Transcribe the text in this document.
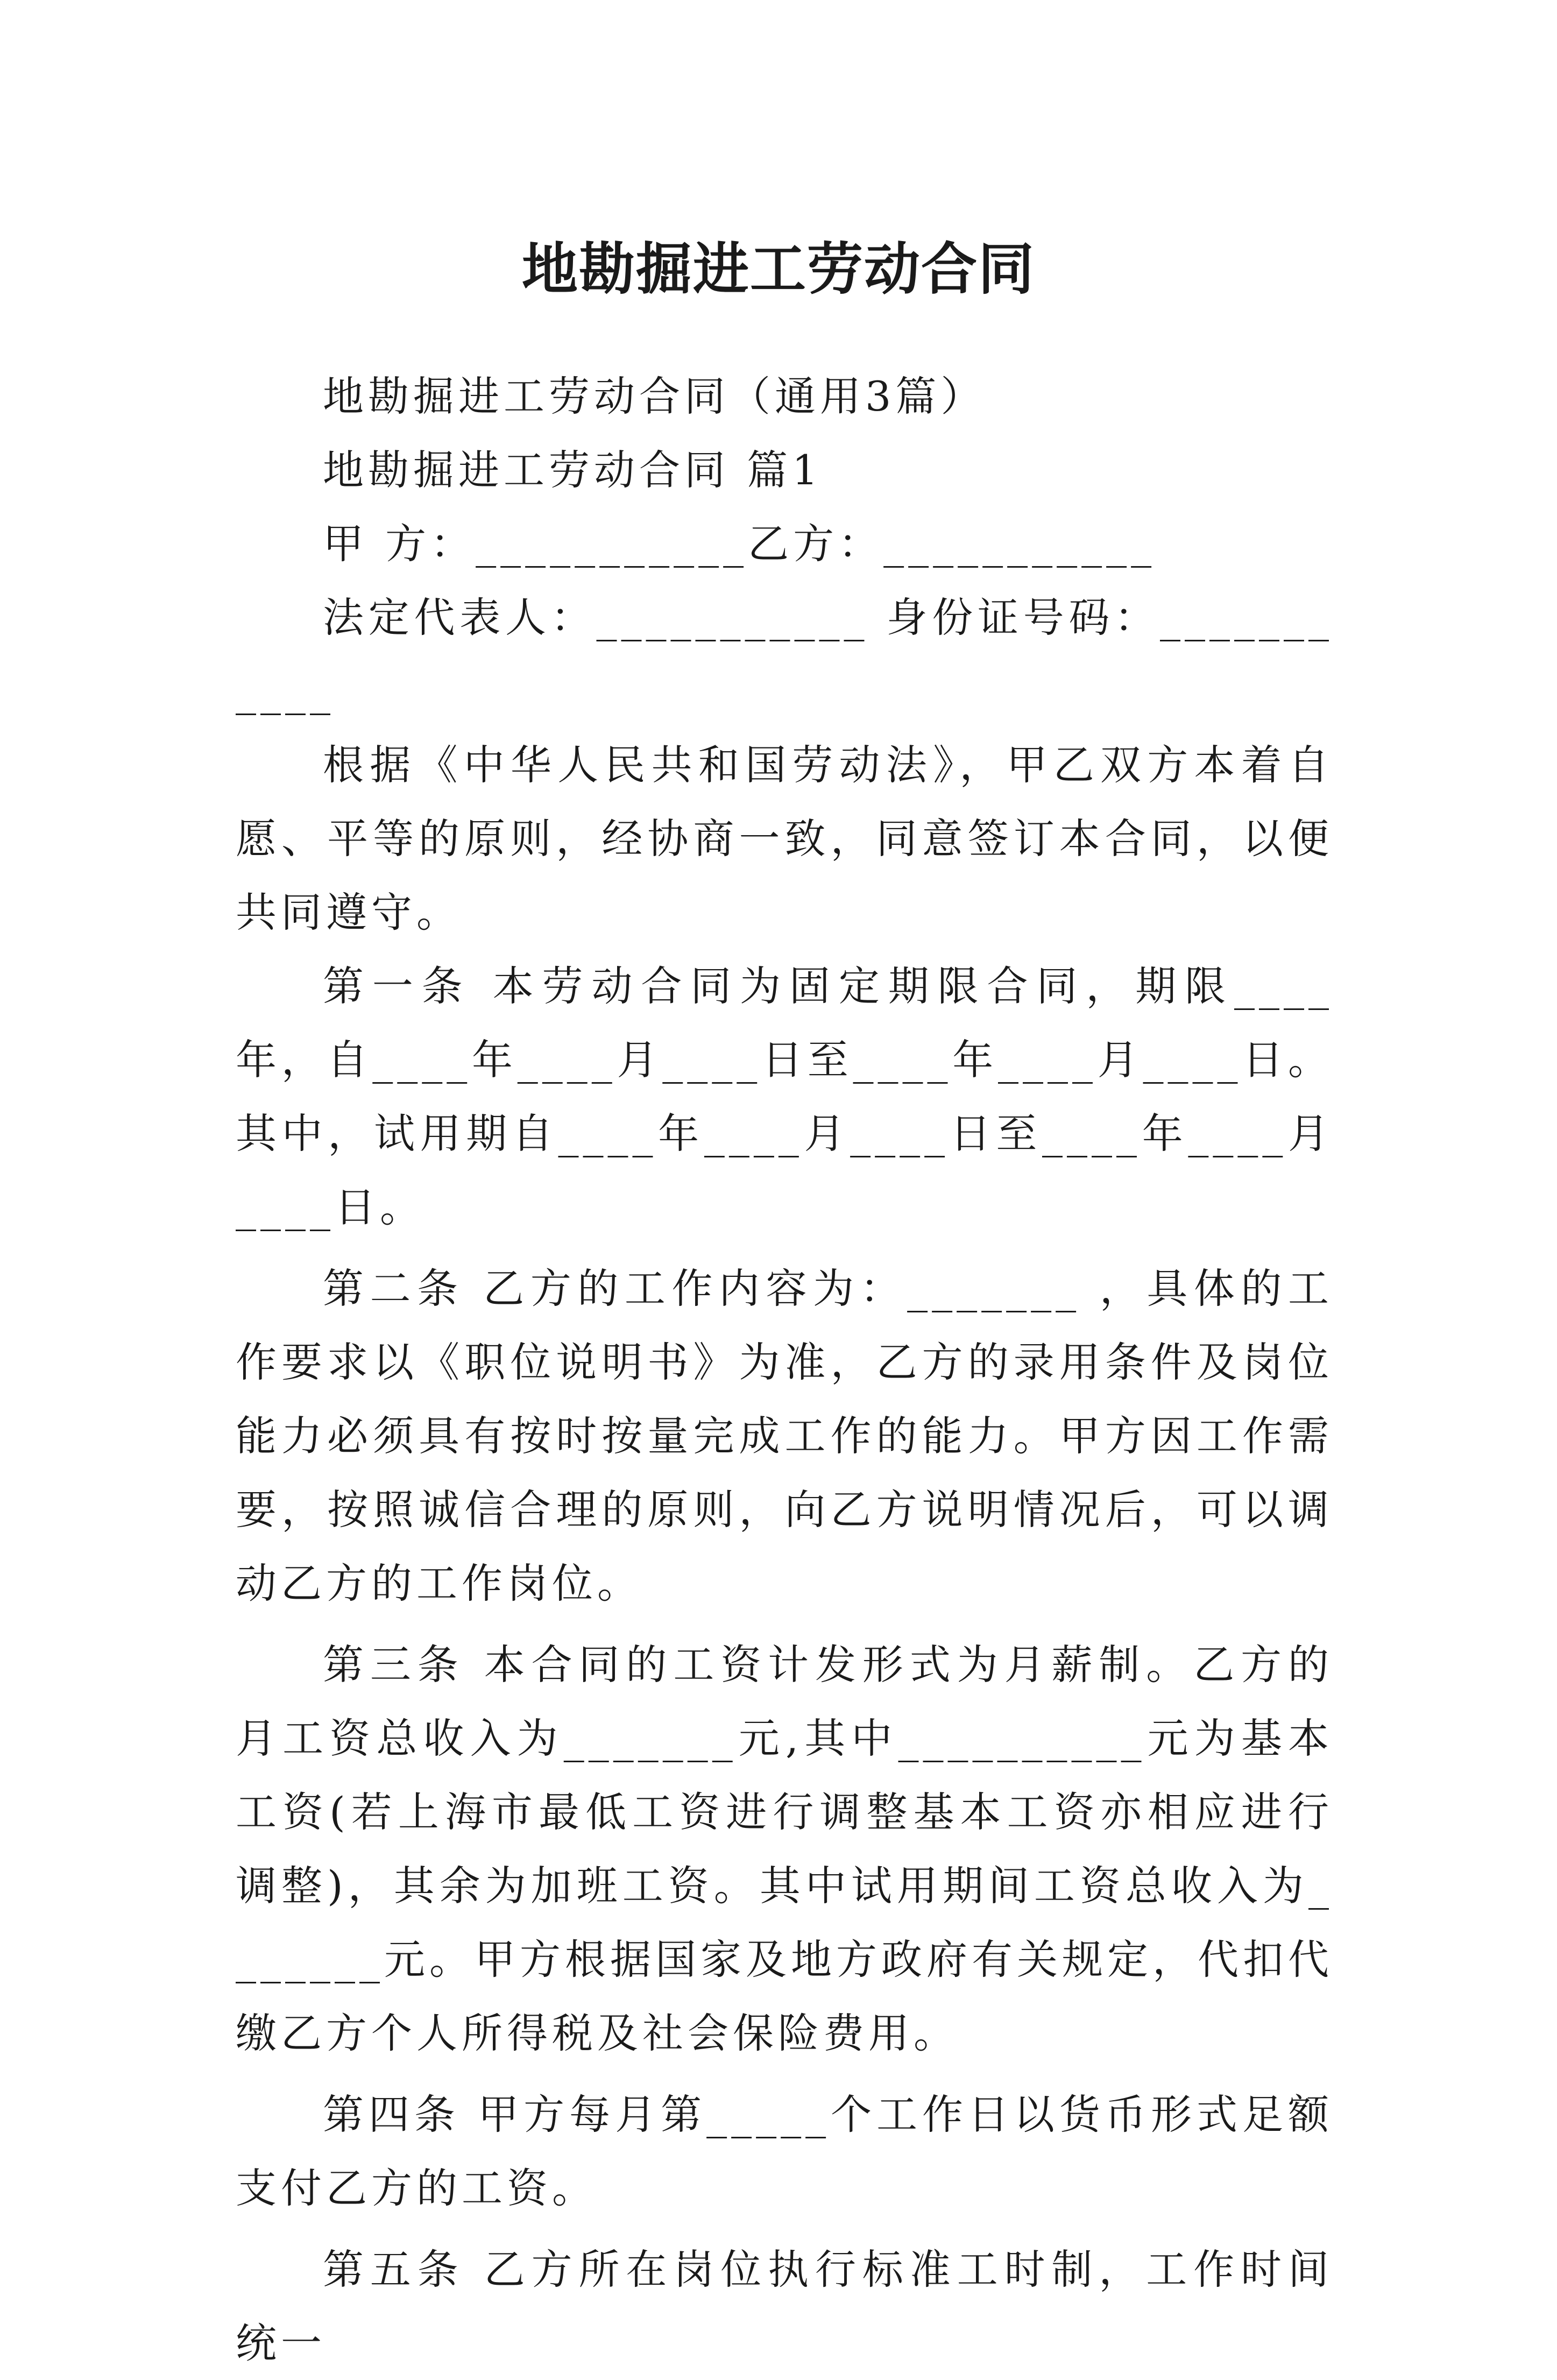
地勘掘进工劳动合同

地勘掘进工劳动合同（通用3篇）

地勘掘进工劳动合同 篇1

甲 方：___________乙方：___________

法定代表人：___________ 身份证号码：___________

根据《中华人民共和国劳动法》，甲乙双方本着自愿、平等的原则，经协商一致，同意签订本合同，以便共同遵守。

第一条 本劳动合同为固定期限合同，期限____ 年，自____年____月____日至____年____月____日。其中，试用期自____年____月____日至____年____月____日。

第二条 乙方的工作内容为：_______ ，具体的工作要求以《职位说明书》为准，乙方的录用条件及岗位能力必须具有按时按量完成工作的能力。甲方因工作需要，按照诚信合理的原则，向乙方说明情况后，可以调动乙方的工作岗位。

第三条 本合同的工资计发形式为月薪制。乙方的月工资总收入为_______元,其中__________元为基本工资(若上海市最低工资进行调整基本工资亦相应进行调整)，其余为加班工资。其中试用期间工资总收入为_______元。甲方根据国家及地方政府有关规定，代扣代缴乙方个人所得税及社会保险费用。

第四条 甲方每月第_____个工作日以货币形式足额支付乙方的工资。

第五条 乙方所在岗位执行标准工时制，工作时间统一
